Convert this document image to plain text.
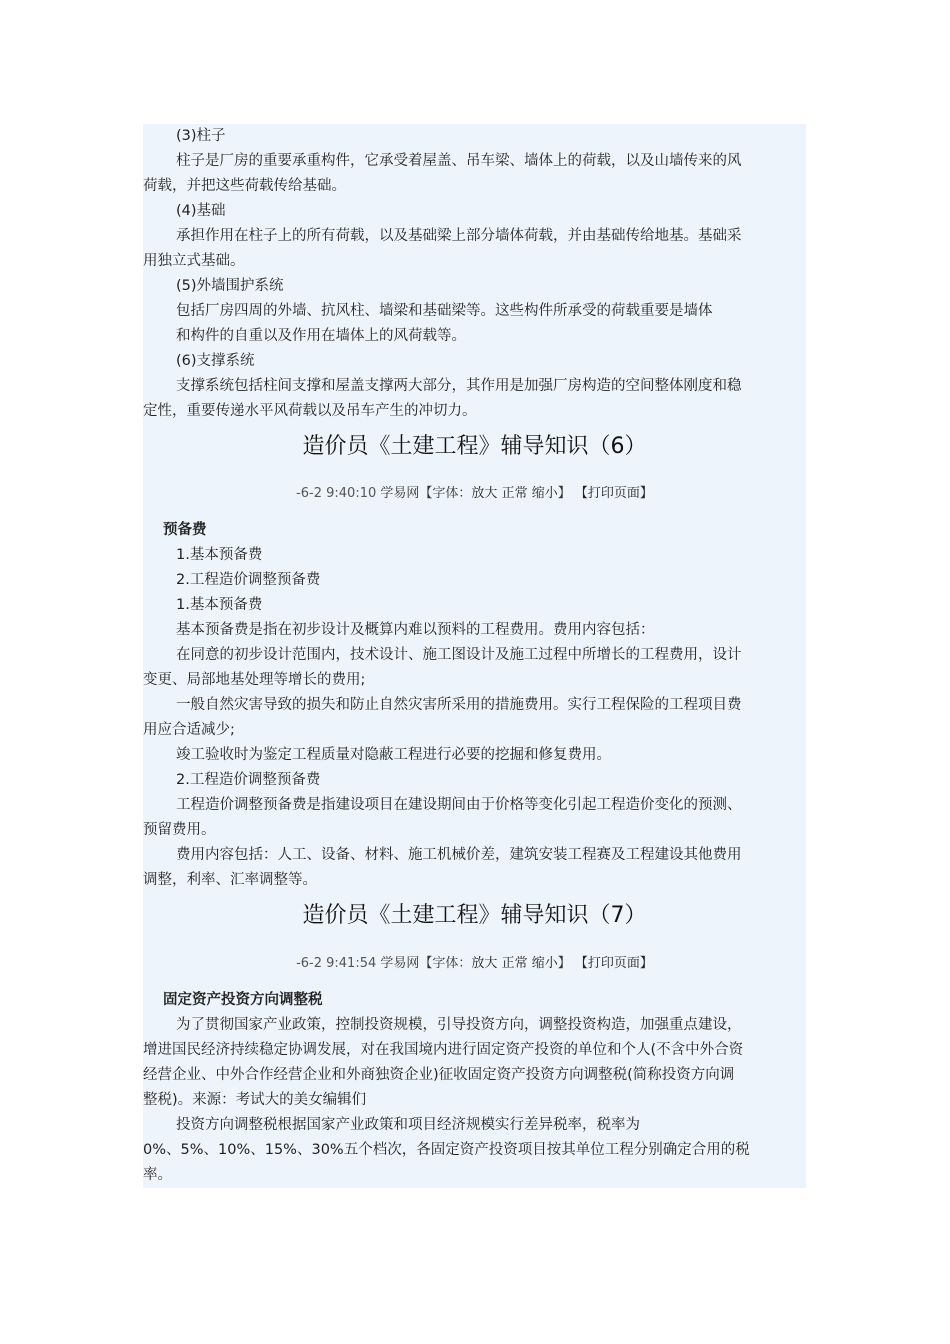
(3)柱子

柱子是厂房的重要承重构件，它承受着屋盖、吊车梁、墙体上的荷载，以及山墙传来的风

荷载，并把这些荷载传给基础。

(4)基础

承担作用在柱子上的所有荷载，以及基础梁上部分墙体荷载，并由基础传给地基。基础采

用独立式基础。

(5)外墙围护系统

包括厂房四周的外墙、抗风柱、墙梁和基础梁等。这些构件所承受的荷载重要是墙体

和构件的自重以及作用在墙体上的风荷载等。

(6)支撑系统

支撑系统包括柱间支撑和屋盖支撑两大部分，其作用是加强厂房构造的空间整体刚度和稳

定性，重要传递水平风荷载以及吊车产生的冲切力。

造价员《土建工程》辅导知识（6）
-6-2 9:40:10 学易网【字体：放大 正常 缩小】 【打印页面】

预备费

1.基本预备费

2.工程造价调整预备费

1.基本预备费

基本预备费是指在初步设计及概算内难以预料的工程费用。费用内容包括：

在同意的初步设计范围内，技术设计、施工图设计及施工过程中所增长的工程费用，设计

变更、局部地基处理等增长的费用;

一般自然灾害导致的损失和防止自然灾害所采用的措施费用。实行工程保险的工程项目费

用应合适减少;

竣工验收时为鉴定工程质量对隐蔽工程进行必要的挖掘和修复费用。

2.工程造价调整预备费

工程造价调整预备费是指建设项目在建设期间由于价格等变化引起工程造价变化的预测、

预留费用。

费用内容包括：人工、设备、材料、施工机械价差，建筑安装工程赛及工程建设其他费用

调整，利率、汇率调整等。

造价员《土建工程》辅导知识（7）
-6-2 9:41:54 学易网【字体：放大 正常 缩小】 【打印页面】

固定资产投资方向调整税

为了贯彻国家产业政策，控制投资规模，引导投资方向，调整投资构造，加强重点建设，

增进国民经济持续稳定协调发展，对在我国境内进行固定资产投资的单位和个人(不含中外合资

经营企业、中外合作经营企业和外商独资企业)征收固定资产投资方向调整税(简称投资方向调

整税)。来源：考试大的美女编辑们

投资方向调整税根据国家产业政策和项目经济规模实行差异税率，税率为

0%、5%、10%、15%、30%五个档次，各固定资产投资项目按其单位工程分别确定合用的税

率。
